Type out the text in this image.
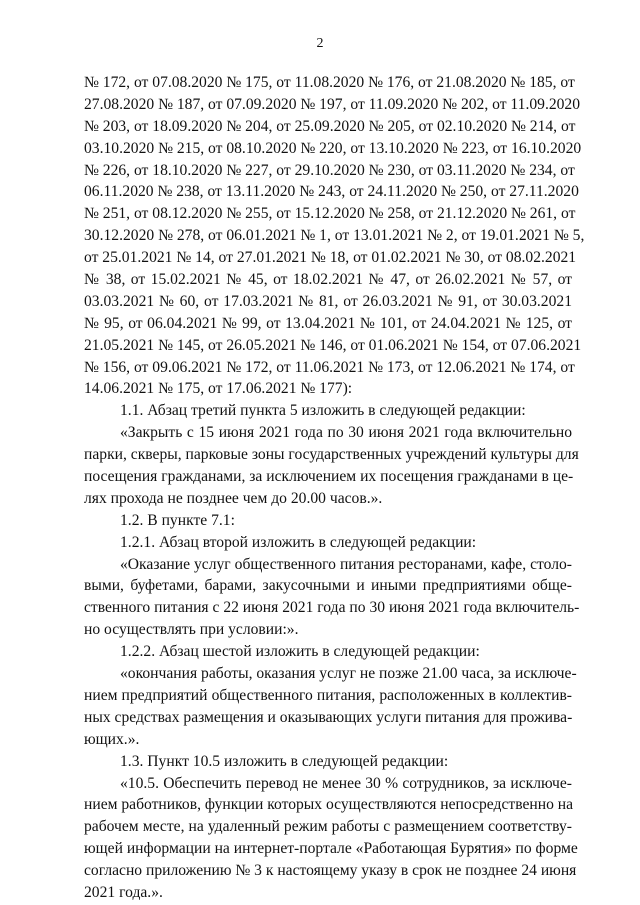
2
№ 172, от 07.08.2020 № 175, от 11.08.2020 № 176, от 21.08.2020 № 185, от
27.08.2020 № 187, от 07.09.2020 № 197, от 11.09.2020 № 202, от 11.09.2020
№ 203, от 18.09.2020 № 204, от 25.09.2020 № 205, от 02.10.2020 № 214, от
03.10.2020 № 215, от 08.10.2020 № 220, от 13.10.2020 № 223, от 16.10.2020
№ 226, от 18.10.2020 № 227, от 29.10.2020 № 230, от 03.11.2020 № 234, от
06.11.2020 № 238, от 13.11.2020 № 243, от 24.11.2020 № 250, от 27.11.2020
№ 251, от 08.12.2020 № 255, от 15.12.2020 № 258, от 21.12.2020 № 261, от
30.12.2020 № 278, от 06.01.2021 № 1, от 13.01.2021 № 2, от 19.01.2021 № 5,
от 25.01.2021 № 14, от 27.01.2021 № 18, от 01.02.2021 № 30, от 08.02.2021
№ 38, от 15.02.2021 № 45, от 18.02.2021 № 47, от 26.02.2021 № 57, от
03.03.2021 № 60, от 17.03.2021 № 81, от 26.03.2021 № 91, от 30.03.2021
№ 95, от 06.04.2021 № 99, от 13.04.2021 № 101, от 24.04.2021 № 125, от
21.05.2021 № 145, от 26.05.2021 № 146, от 01.06.2021 № 154, от 07.06.2021
№ 156, от 09.06.2021 № 172, от 11.06.2021 № 173, от 12.06.2021 № 174, от
14.06.2021 № 175, от 17.06.2021 № 177):
1.1. Абзац третий пункта 5 изложить в следующей редакции:
«Закрыть с 15 июня 2021 года по 30 июня 2021 года включительно
парки, скверы, парковые зоны государственных учреждений культуры для
посещения гражданами, за исключением их посещения гражданами в це-
лях прохода не позднее чем до 20.00 часов.».
1.2. В пункте 7.1:
1.2.1. Абзац второй изложить в следующей редакции:
«Оказание услуг общественного питания ресторанами, кафе, столо-
выми, буфетами, барами, закусочными и иными предприятиями обще-
ственного питания с 22 июня 2021 года по 30 июня 2021 года включитель-
но осуществлять при условии:».
1.2.2. Абзац шестой изложить в следующей редакции:
«окончания работы, оказания услуг не позже 21.00 часа, за исключе-
нием предприятий общественного питания, расположенных в коллектив-
ных средствах размещения и оказывающих услуги питания для прожива-
ющих.».
1.3. Пункт 10.5 изложить в следующей редакции:
«10.5. Обеспечить перевод не менее 30 % сотрудников, за исключе-
нием работников, функции которых осуществляются непосредственно на
рабочем месте, на удаленный режим работы с размещением соответству-
ющей информации на интернет-портале «Работающая Бурятия» по форме
согласно приложению № 3 к настоящему указу в срок не позднее 24 июня
2021 года.».
